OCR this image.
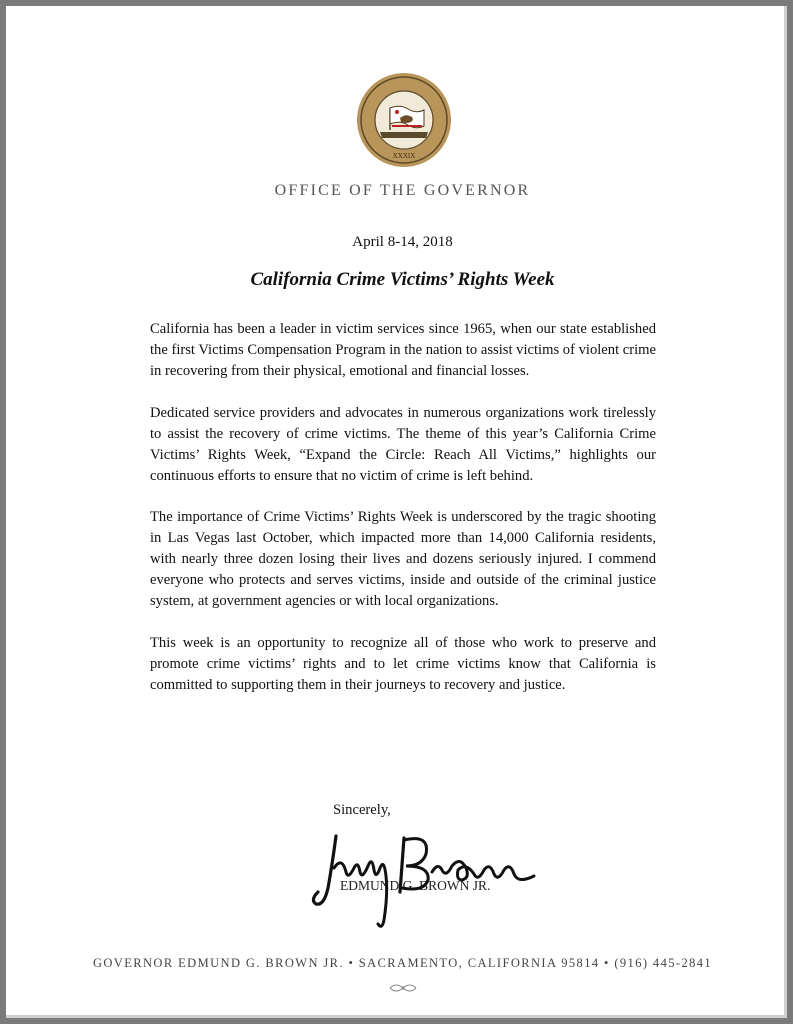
XXXIX
OFFICE OF THE GOVERNOR
April 8-14, 2018
California Crime Victims’ Rights Week

California has been a leader in victim services since 1965, when our state established the first Victims Compensation Program in the nation to assist victims of violent crime in recovering from their physical, emotional and financial losses.

Dedicated service providers and advocates in numerous organizations work tirelessly to assist the recovery of crime victims. The theme of this year’s California Crime Victims’ Rights Week, “Expand the Circle: Reach All Victims,” highlights our continuous efforts to ensure that no victim of crime is left behind.

The importance of Crime Victims’ Rights Week is underscored by the tragic shooting in Las Vegas last October, which impacted more than 14,000 California residents, with nearly three dozen losing their lives and dozens seriously injured. I commend everyone who protects and serves victims, inside and outside of the criminal justice system, at government agencies or with local organizations.

This week is an opportunity to recognize all of those who work to preserve and promote crime victims’ rights and to let crime victims know that California is committed to supporting them in their journeys to recovery and justice.

Sincerely,
EDMUND G. BROWN JR.
GOVERNOR EDMUND G. BROWN JR. • SACRAMENTO, CALIFORNIA 95814 • (916) 445-2841
